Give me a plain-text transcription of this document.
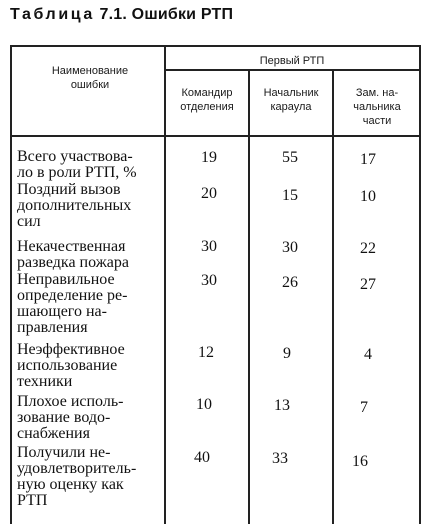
Таблица 7.1. Ошибки РТП
Наименование
ошибки
Первый РТП
Командир
отделения
Начальник
караула
Зам. на-
чальника
части
Всего участвова-
ло в роли РТП, %
19	55	17
Поздний вызов
дополнительных
сил
20	15	10
Некачественная
разведка пожара
30	30	22
Неправильное
определение ре-
шающего на-
правления
30	26	27
Неэффективное
использование
техники
12	9	4
Плохое исполь-
зование водо-
снабжения
10	13	7
Получили не-
удовлетворитель-
ную оценку как
РТП
40	33	16
